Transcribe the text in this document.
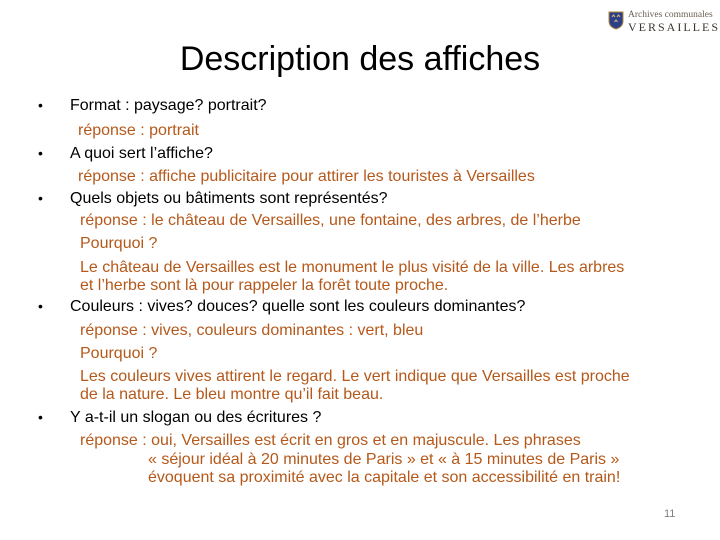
Archives communales
VERSAILLES
Description des affiches
• Format : paysage? portrait?
réponse : portrait
• A quoi sert l’affiche?
réponse : affiche publicitaire pour attirer les touristes à Versailles
• Quels objets ou bâtiments sont représentés?
réponse : le château de Versailles, une fontaine, des arbres, de l’herbe
Pourquoi ?
Le château de Versailles est le monument le plus visité de la ville. Les arbres
et l’herbe sont là pour rappeler la forêt toute proche.
• Couleurs : vives? douces? quelle sont les couleurs dominantes?
réponse : vives, couleurs dominantes : vert, bleu
Pourquoi ?
Les couleurs vives attirent le regard. Le vert indique que Versailles est proche
de la nature. Le bleu montre qu’il fait beau.
• Y a-t-il un slogan ou des écritures ?
réponse : oui, Versailles est écrit en gros et en majuscule. Les phrases
« séjour idéal à 20 minutes de Paris » et « à 15 minutes de Paris »
évoquent sa proximité avec la capitale et son accessibilité en train!
11
